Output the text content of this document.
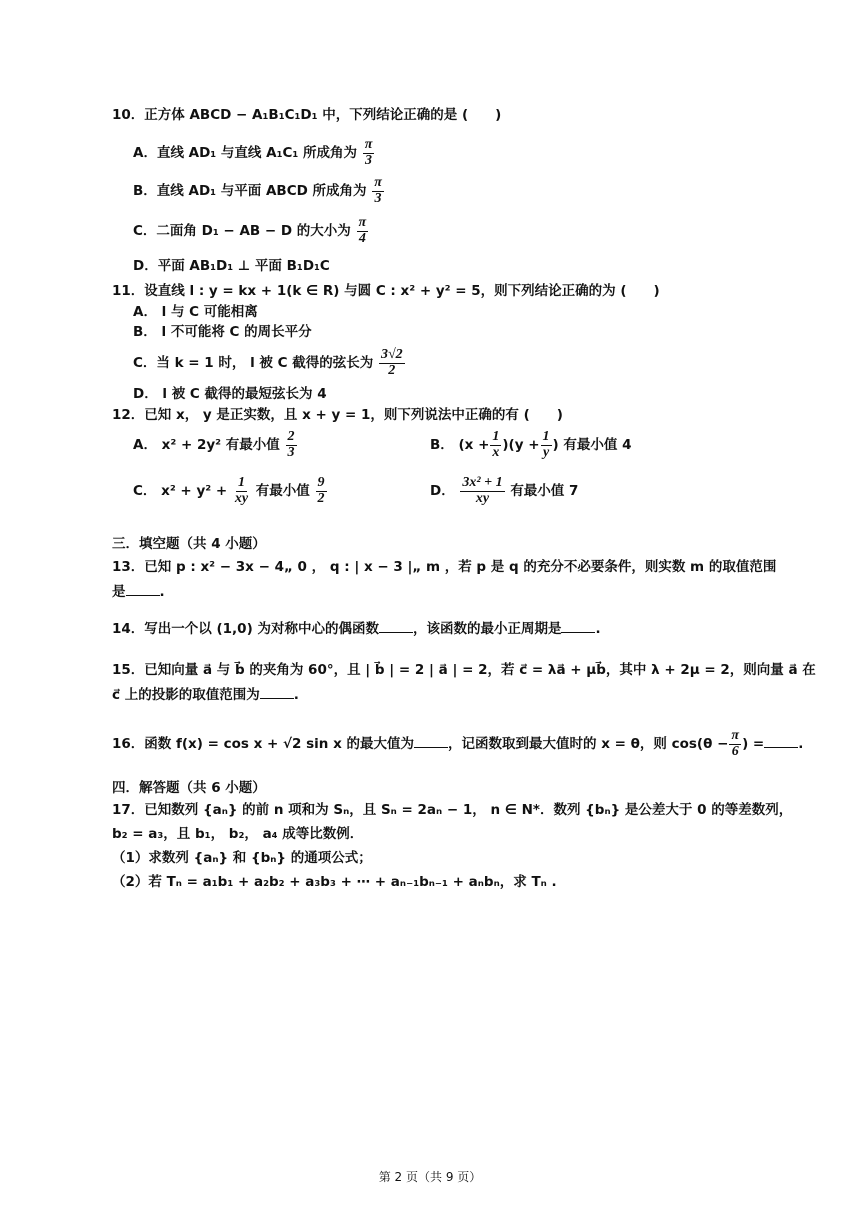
10．正方体 ABCD − A₁B₁C₁D₁ 中，下列结论正确的是 (　　)
A．直线 AD₁ 与直线 A₁C₁ 所成角为 $\frac{\pi}{3}$
B．直线 AD₁ 与平面 ABCD 所成角为 $\frac{\pi}{3}$
C．二面角 D₁ − AB − D 的大小为 $\frac{\pi}{4}$
D．平面 AB₁D₁ ⊥ 平面 B₁D₁C
11．设直线 l : y = kx + 1(k ∈ R) 与圆 C : x² + y² = 5，则下列结论正确的为 (　　)
A． l 与 C 可能相离
B． l 不可能将 C 的周长平分
C．当 k = 1 时， l 被 C 截得的弦长为 $\frac{3√2}{2}$
D． l 被 C 截得的最短弦长为 4
12．已知 x， y 是正实数，且 x + y = 1，则下列说法中正确的有 (　　)
A． x² + 2y² 有最小值 $\frac{2}{3}$	B． $(x + \frac{1}{x} )(y + \frac{1}{y}$ ) 有最小值 4
C． $x^2 + y^2 + \frac{1}{xy}$ 有最小值 $\frac{9}{2}$	D． $\frac{\text{3x² + 1}}{xy}$ 有最小值 7
三．填空题（共 4 小题）
13．已知 p : x² − 3x − 4„ 0 ， q : | x − 3 |„ m ，若 p 是 q 的充分不必要条件，则实数 m 的取值范围
是	.
14．写出一个以 (1,0) 为对称中心的偶函数	，该函数的最小正周期是	.
15．已知向量 a⃗ 与 b⃗ 的夹角为 60°，且 | b⃗ | = 2 | a⃗ | = 2，若 c⃗ = λa⃗ + μb⃗，其中 λ + 2μ = 2，则向量 a⃗ 在
c⃗ 上的投影的取值范围为	.
16．函数 f(x) = cos x + √2 sin x 的最大值为	，记函数取到最大值时的 x = θ，则 $\cos(\theta - \frac{\pi}{6}$ ) =	.
四．解答题（共 6 小题）
17．已知数列 {aₙ} 的前 n 项和为 Sₙ，且 Sₙ = 2aₙ − 1， n ∈ N*．数列 {bₙ} 是公差大于 0 的等差数列，
b₂ = a₃，且 b₁， b₂， a₄ 成等比数例．
（1）求数列 {aₙ} 和 {bₙ} 的通项公式；
（2）若 Tₙ = a₁b₁ + a₂b₂ + a₃b₃ + ⋯ + aₙ₋₁bₙ₋₁ + aₙbₙ，求 Tₙ .
第 2 页（共 9 页）
